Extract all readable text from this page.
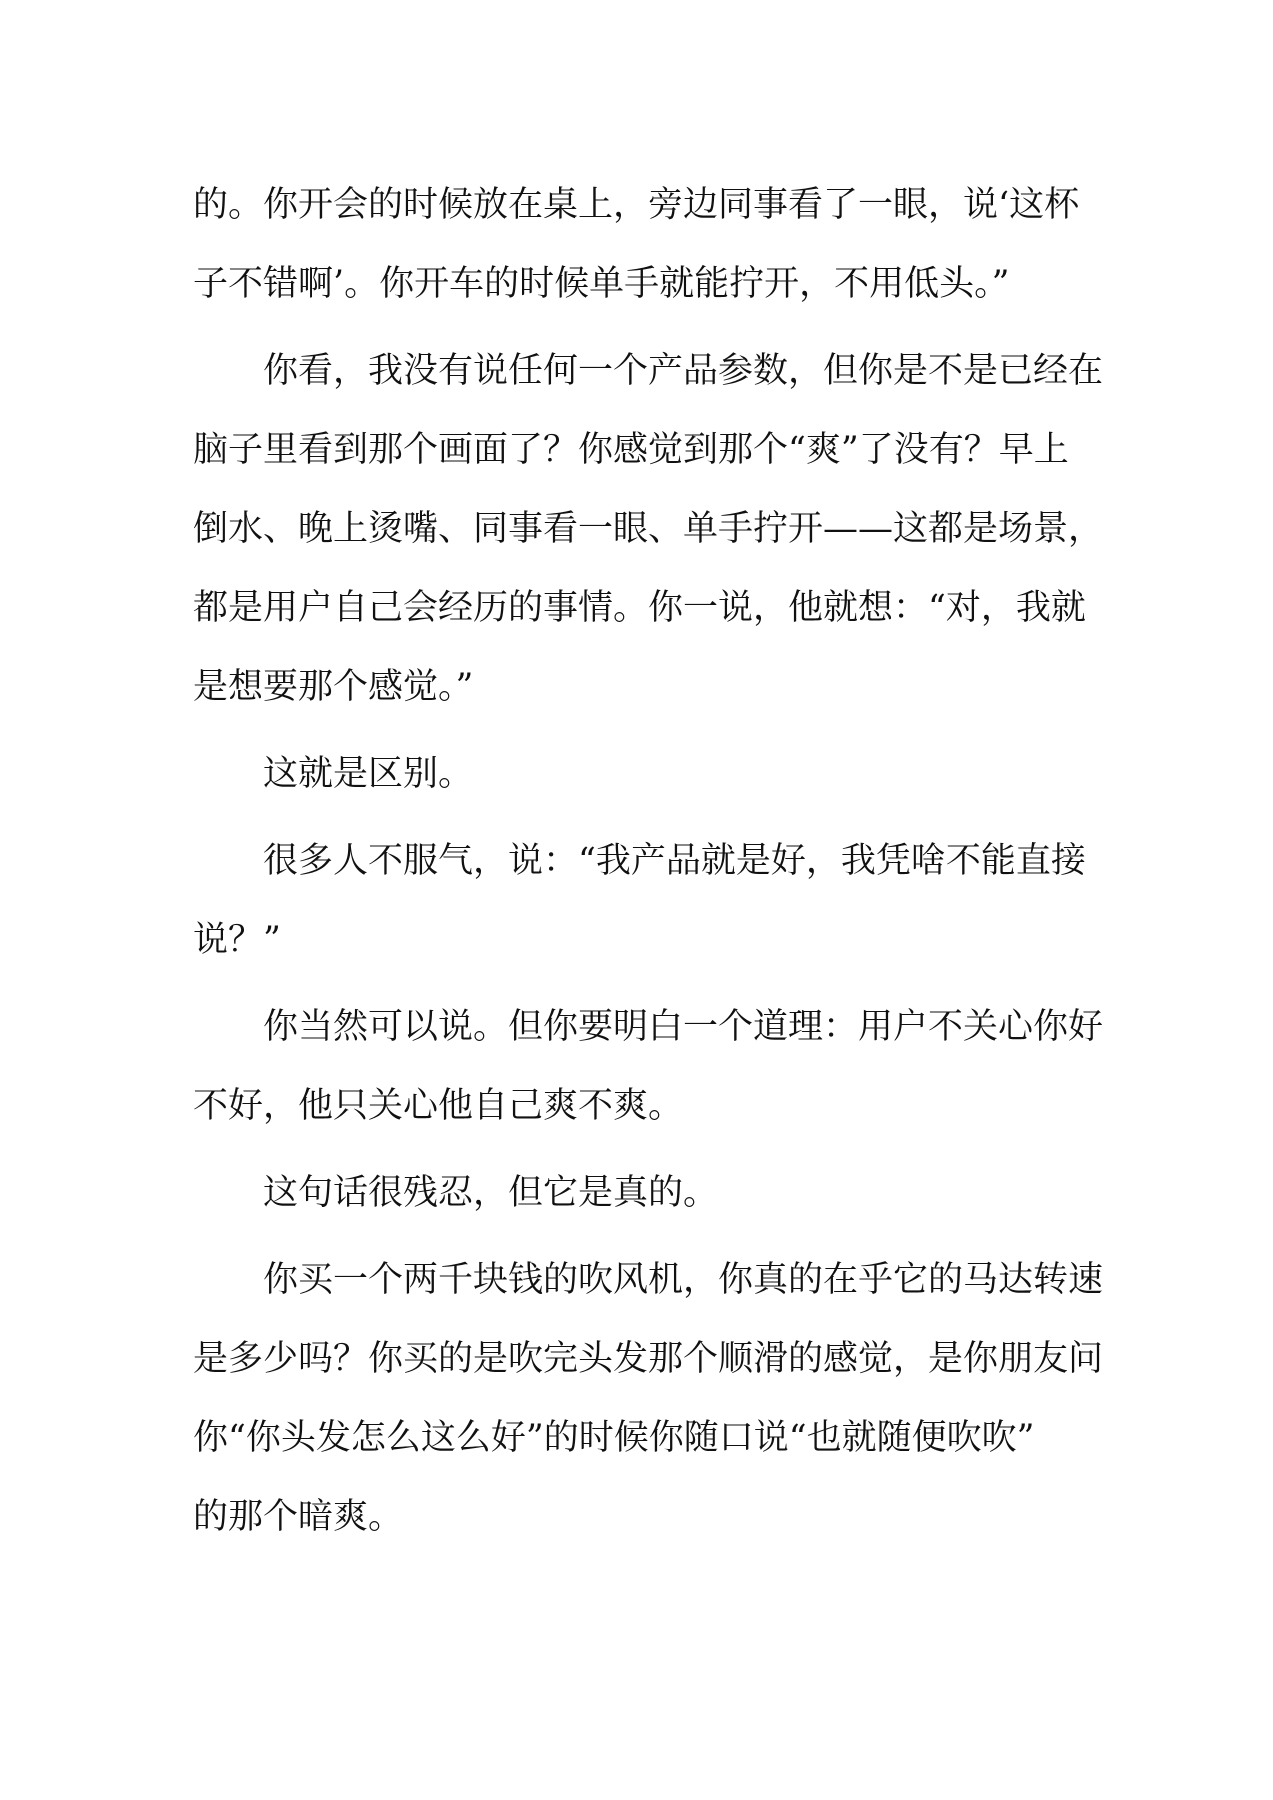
的。你开会的时候放在桌上，旁边同事看了一眼，说‘这杯
子不错啊’。你开车的时候单手就能拧开，不用低头。”

你看，我没有说任何一个产品参数，但你是不是已经在
脑子里看到那个画面了？你感觉到那个“爽”了没有？早上
倒水、晚上烫嘴、同事看一眼、单手拧开——这都是场景，
都是用户自己会经历的事情。你一说，他就想：“对，我就
是想要那个感觉。”

这就是区别。

很多人不服气，说：“我产品就是好，我凭啥不能直接
说？”

你当然可以说。但你要明白一个道理：用户不关心你好
不好，他只关心他自己爽不爽。

这句话很残忍，但它是真的。

你买一个两千块钱的吹风机，你真的在乎它的马达转速
是多少吗？你买的是吹完头发那个顺滑的感觉，是你朋友问
你“你头发怎么这么好”的时候你随口说“也就随便吹吹”
的那个暗爽。
